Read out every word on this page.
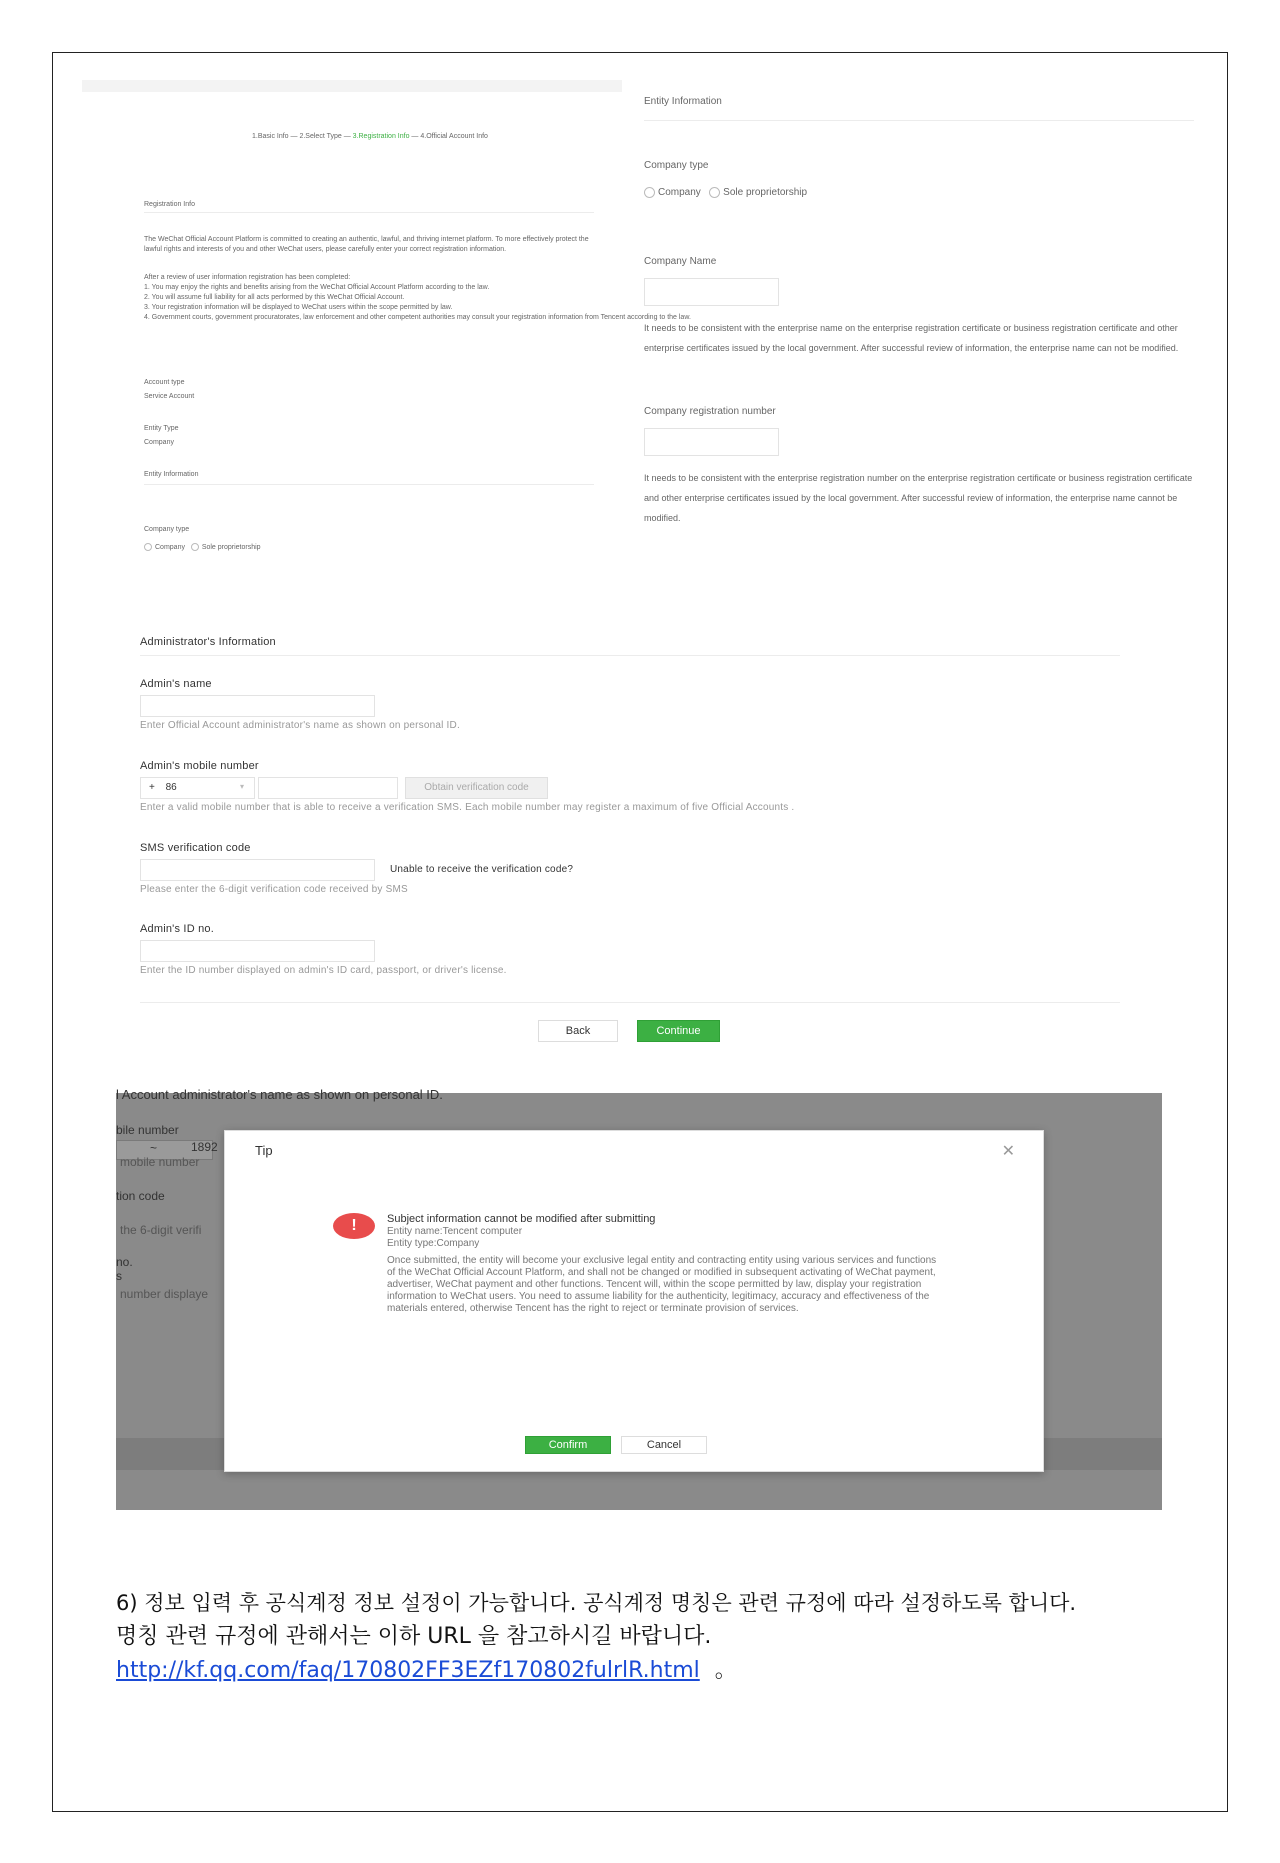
1.Basic Info — 2.Select Type — 3.Registration Info — 4.Official Account Info
Registration Info
The WeChat Official Account Platform is committed to creating an authentic, lawful, and thriving internet platform. To more effectively protect the lawful rights and interests of you and other WeChat users, please carefully enter your correct registration information.
After a review of user information registration has been completed:
1. You may enjoy the rights and benefits arising from the WeChat Official Account Platform according to the law.
2. You will assume full liability for all acts performed by this WeChat Official Account.
3. Your registration information will be displayed to WeChat users within the scope permitted by law.
4. Government courts, government procuratorates, law enforcement and other competent authorities may consult your registration information from Tencent according to the law.
Account type
Service Account
Entity Type
Company
Entity Information
Company type
Company Sole proprietorship
Entity Information
Company type
Company Sole proprietorship
Company Name
It needs to be consistent with the enterprise name on the enterprise registration certificate or business registration certificate and other enterprise certificates issued by the local government. After successful review of information, the enterprise name can not be modified.
Company registration number
It needs to be consistent with the enterprise registration number on the enterprise registration certificate or business registration certificate and other enterprise certificates issued by the local government. After successful review of information, the enterprise name cannot be modified.
Administrator's Information
Admin's name
Enter Official Account administrator's name as shown on personal ID.
Admin's mobile number
+ 86	▾	Obtain verification code
Enter a valid mobile number that is able to receive a verification SMS. Each mobile number may register a maximum of five Official Accounts .
SMS verification code
Unable to receive the verification code?
Please enter the 6-digit verification code received by SMS
Admin's ID no.
Enter the ID number displayed on admin's ID card, passport, or driver's license.
Back	Continue
l Account administrator's name as shown on personal ID.
bile number
~	1892
mobile number
tion code
the 6-digit verifi
no.
s
number displaye
Tip	✕
!	Subject information cannot be modified after submitting
Entity name:Tencent computer
Entity type:Company
Once submitted, the entity will become your exclusive legal entity and contracting entity using various services and functions of the WeChat Official Account Platform, and shall not be changed or modified in subsequent activating of WeChat payment, advertiser, WeChat payment and other functions. Tencent will, within the scope permitted by law, display your registration information to WeChat users. You need to assume liability for the authenticity, legitimacy, accuracy and effectiveness of the materials entered, otherwise Tencent has the right to reject or terminate provision of services.
Confirm	Cancel
6) 정보 입력 후 공식계정 정보 설정이 가능합니다. 공식계정 명칭은 관련 규정에 따라 설정하도록 합니다.
명칭 관련 규정에 관해서는 이하 URL 을 참고하시길 바랍니다.
http://kf.qq.com/faq/170802FF3EZf170802fulrlR.html 。
